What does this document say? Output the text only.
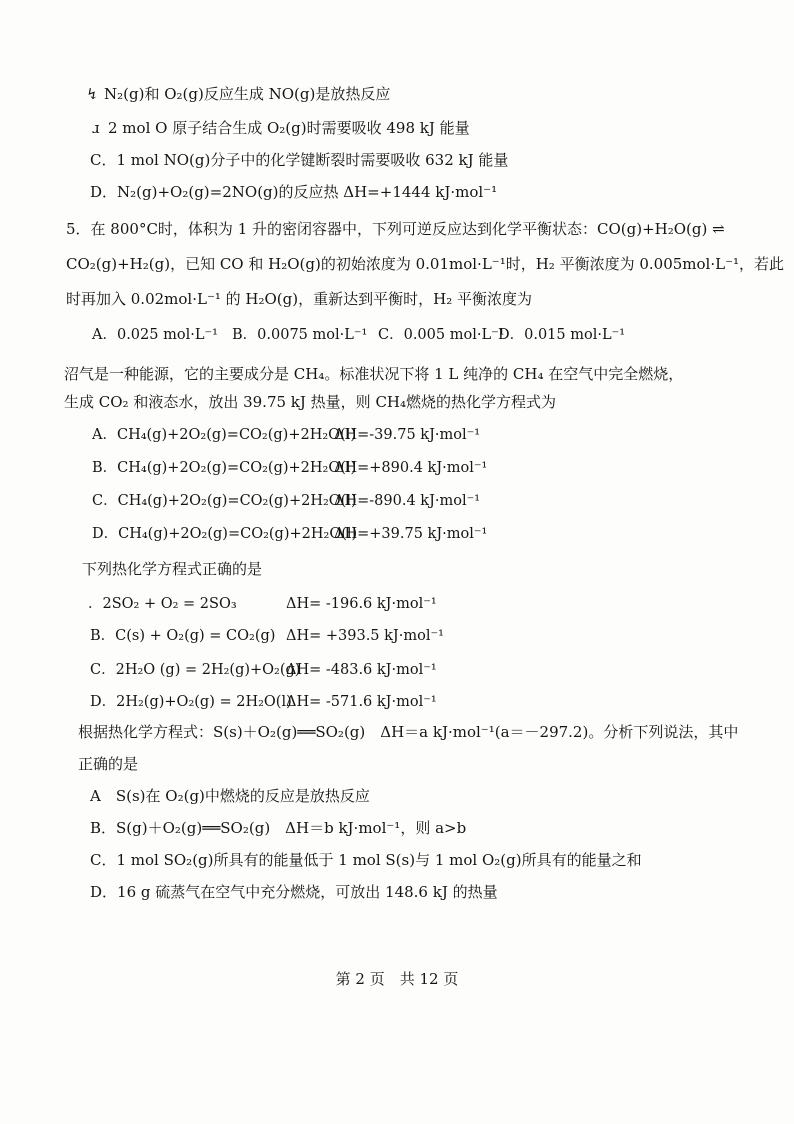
↯ N₂(g)和 O₂(g)反应生成 NO(g)是放热反应
ɹ 2 mol O 原子结合生成 O₂(g)时需要吸收 498 kJ 能量
C．1 mol NO(g)分子中的化学键断裂时需要吸收 632 kJ 能量
D．N₂(g)+O₂(g)=2NO(g)的反应热 ΔH=+1444 kJ·mol⁻¹
5．在 800°C时，体积为 1 升的密闭容器中，下列可逆反应达到化学平衡状态：CO(g)+H₂O(g) ⇌
CO₂(g)+H₂(g)，已知 CO 和 H₂O(g)的初始浓度为 0.01mol·L⁻¹时，H₂ 平衡浓度为 0.005mol·L⁻¹，若此
时再加入 0.02mol·L⁻¹ 的 H₂O(g)，重新达到平衡时，H₂ 平衡浓度为
A．0.025 mol·L⁻¹ B．0.0075 mol·L⁻¹ C．0.005 mol·L⁻¹
D．0.015 mol·L⁻¹
沼气是一种能源，它的主要成分是 CH₄。标准状况下将 1 L 纯净的 CH₄ 在空气中完全燃烧，
生成 CO₂ 和液态水，放出 39.75 kJ 热量，则 CH₄燃烧的热化学方程式为
A．CH₄(g)+2O₂(g)=CO₂(g)+2H₂O(l)
ΔH=-39.75 kJ·mol⁻¹
B．CH₄(g)+2O₂(g)=CO₂(g)+2H₂O(l)
ΔH=+890.4 kJ·mol⁻¹
C．CH₄(g)+2O₂(g)=CO₂(g)+2H₂O(l)
ΔH=-890.4 kJ·mol⁻¹
D．CH₄(g)+2O₂(g)=CO₂(g)+2H₂O(l)
ΔH=+39.75 kJ·mol⁻¹
下列热化学方程式正确的是
．2SO₂ + O₂ = 2SO₃	ΔH= -196.6 kJ·mol⁻¹
B．C(s) + O₂(g) = CO₂(g) ΔH= +393.5 kJ·mol⁻¹
C．2H₂O (g) = 2H₂(g)+O₂(g)
ΔH= -483.6 kJ·mol⁻¹
D．2H₂(g)+O₂(g) = 2H₂O(l)
ΔH= -571.6 kJ·mol⁻¹
根据热化学方程式：S(s)＋O₂(g)══SO₂(g)　ΔH＝a kJ·mol⁻¹(a＝－297.2)。分析下列说法，其中
正确的是
A　S(s)在 O₂(g)中燃烧的反应是放热反应
B．S(g)＋O₂(g)══SO₂(g)　ΔH＝b kJ·mol⁻¹，则 a>b
C．1 mol SO₂(g)所具有的能量低于 1 mol S(s)与 1 mol O₂(g)所具有的能量之和
D．16 g 硫蒸气在空气中充分燃烧，可放出 148.6 kJ 的热量
第 2 页　共 12 页
